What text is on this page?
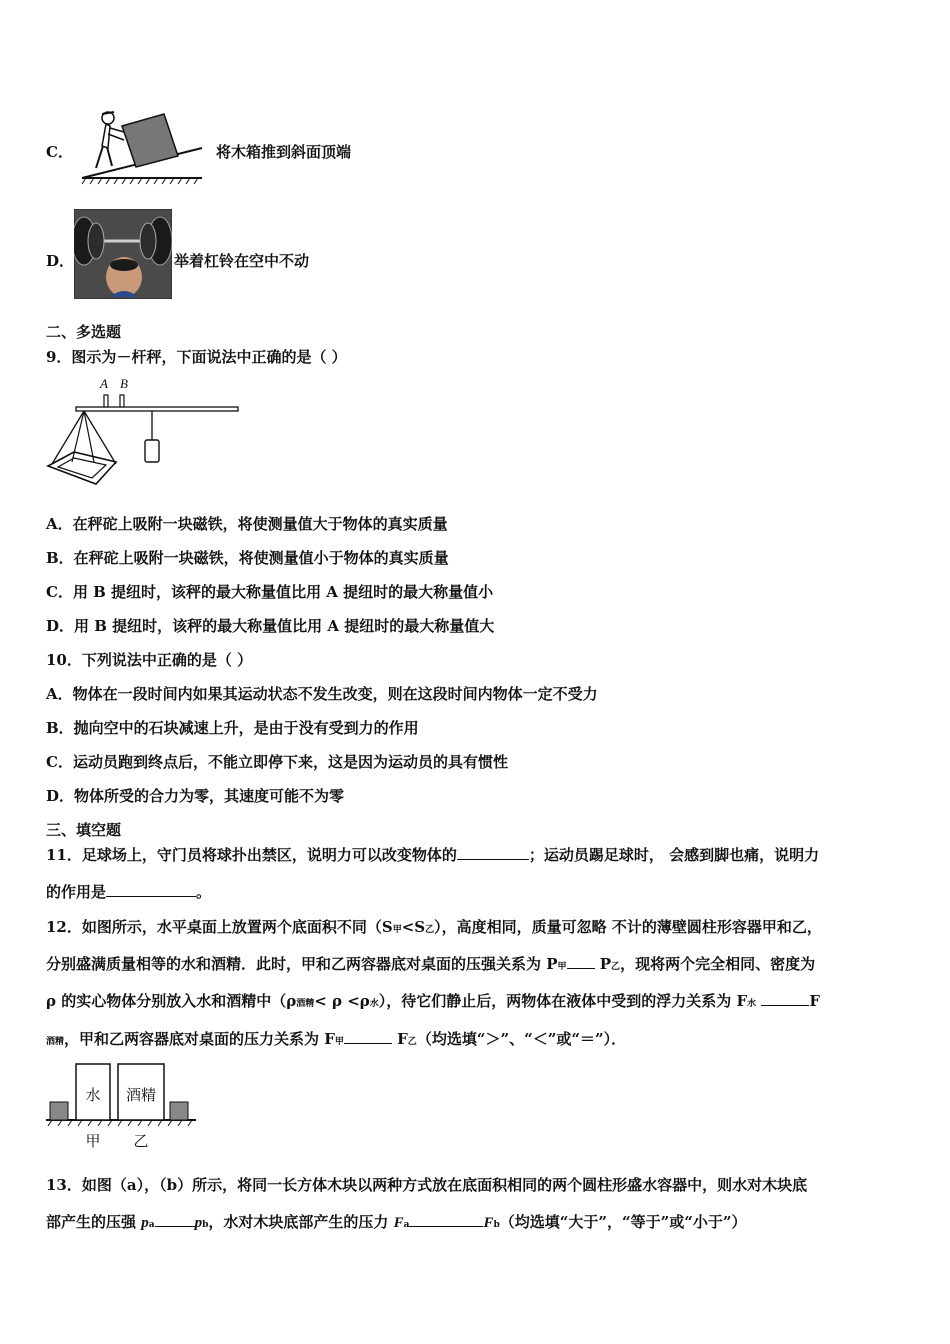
C．	将木箱推到斜面顶端
D．	举着杠铃在空中不动
二、多选题
9．图示为－杆秤，下面说法中正确的是（ ）
A B
A．在秤砣上吸附一块磁铁，将使测量值大于物体的真实质量
B．在秤砣上吸附一块磁铁，将使测量值小于物体的真实质量
C．用 B 提纽时，该秤的最大称量值比用 A 提纽时的最大称量值小
D．用 B 提纽时，该秤的最大称量值比用 A 提纽时的最大称量值大
10．下列说法中正确的是（ ）
A．物体在一段时间内如果其运动状态不发生改变，则在这段时间内物体一定不受力
B．抛向空中的石块减速上升，是由于没有受到力的作用
C．运动员跑到终点后，不能立即停下来，这是因为运动员的具有惯性
D．物体所受的合力为零，其速度可能不为零
三、填空题
11．足球场上，守门员将球扑出禁区，说明力可以改变物体的	；运动员踢足球时， 会感到脚也痛，说明力
的作用是	。
12．如图所示，水平桌面上放置两个底面积不同（S甲<S乙），高度相同，质量可忽略 不计的薄壁圆柱形容器甲和乙，
分别盛满质量相等的水和酒精．此时，甲和乙两容器底对桌面的压强关系为 P甲 P乙，现将两个完全相同、密度为
ρ 的实心物体分别放入水和酒精中（ρ酒精< ρ <ρ水），待它们静止后，两物体在液体中受到的浮力关系为 F水	F
酒精，甲和乙两容器底对桌面的压力关系为 F甲	F乙（均选填“＞”、“＜”或“＝”）．
水 酒精
甲 乙
13．如图（a），（b）所示，将同一长方体木块以两种方式放在底面积相同的两个圆柱形盛水容器中，则水对木块底
部产生的压强 pa	pb，水对木块底部产生的压力 Fa	Fb（均选填“大于”，“等于”或“小于”）
